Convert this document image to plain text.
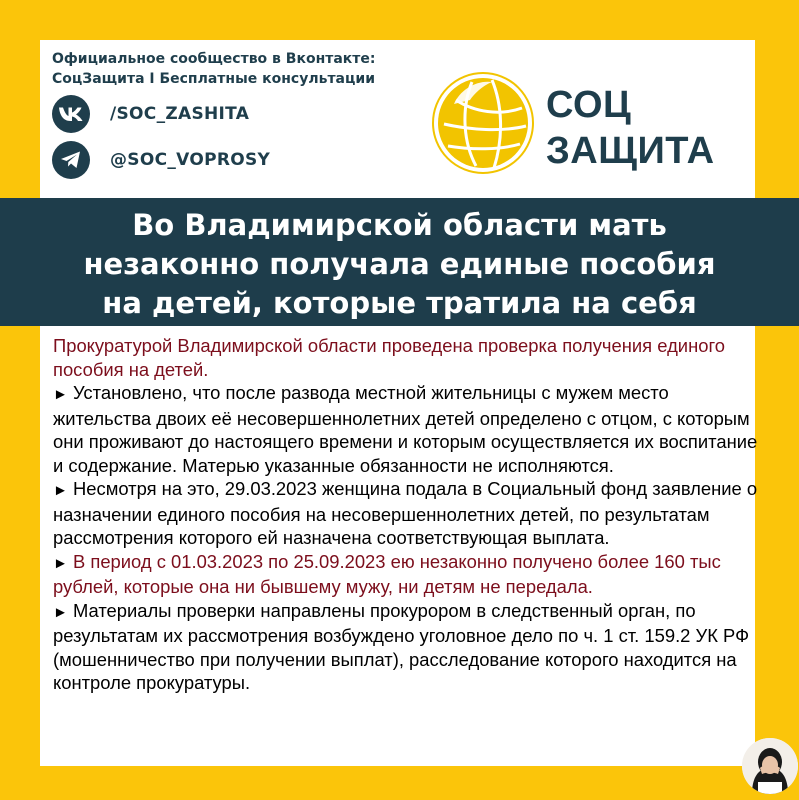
Официальное сообщество в Вконтакте:
СоцЗащита I Бесплатные консультации
/SOC_ZASHITA
@SOC_VOPROSY
СОЦ
ЗАЩИТА
Во Владимирской области мать
незаконно получала единые пособия
на детей, которые тратила на себя

Прокуратурой Владимирской области проведена проверка получения единого пособия на детей.

► Установлено, что после развода местной жительницы с мужем место жительства двоих её несовершеннолетних детей определено с отцом, с которым они проживают до настоящего времени и которым осуществляется их воспитание и содержание. Матерью указанные обязанности не исполняются.

► Несмотря на это, 29.03.2023 женщина подала в Социальный фонд заявление о назначении единого пособия на несовершеннолетних детей, по результатам рассмотрения которого ей назначена соответствующая выплата.

► В период с 01.03.2023 по 25.09.2023 ею незаконно получено более 160 тыс рублей, которые она ни бывшему мужу, ни детям не передала.

► Материалы проверки направлены прокурором в следственный орган, по результатам их рассмотрения возбуждено уголовное дело по ч. 1 ст. 159.2 УК РФ (мошенничество при получении выплат), расследование которого находится на контроле прокуратуры.
